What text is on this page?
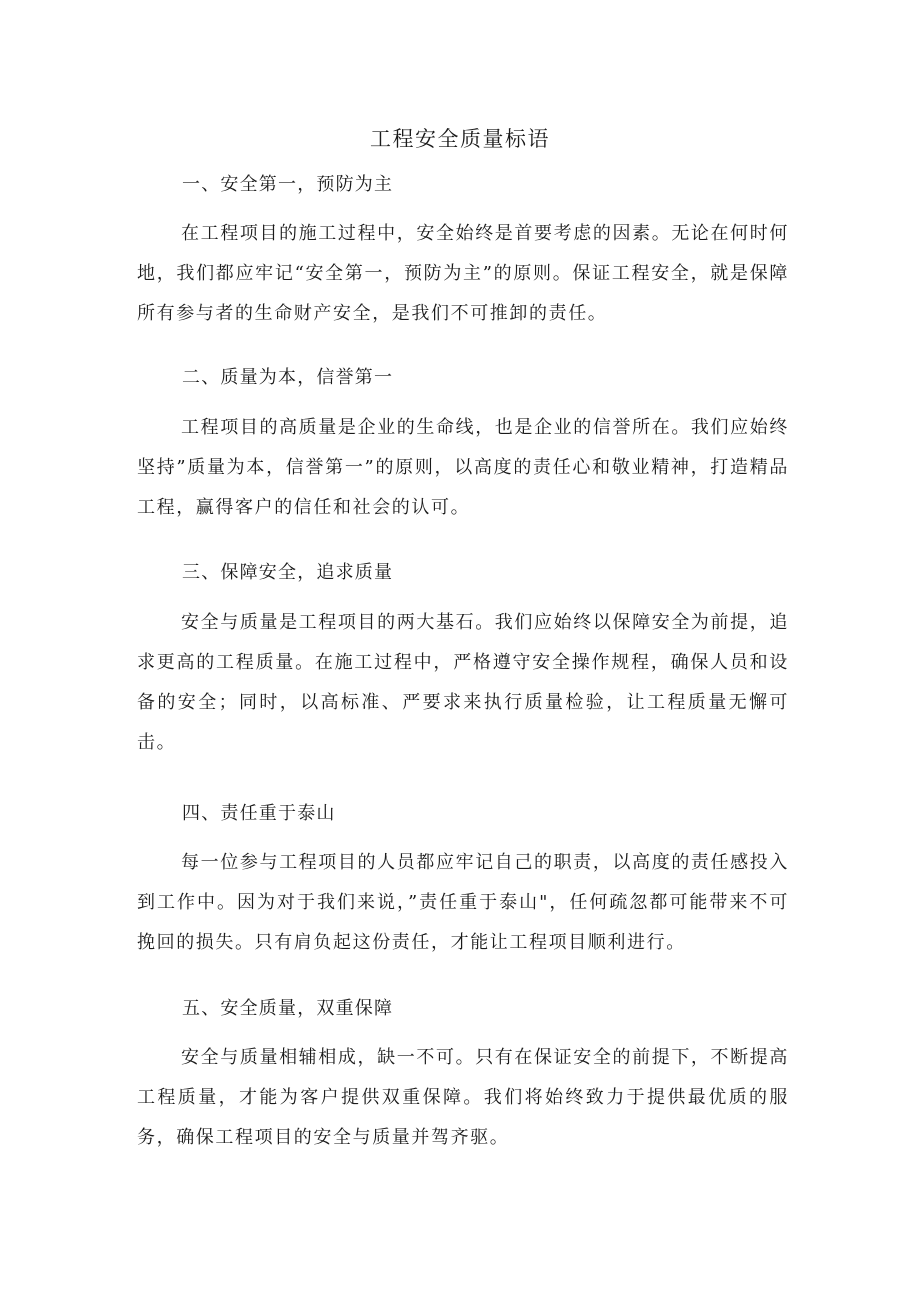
工程安全质量标语

一、安全第一，预防为主

在工程项目的施工过程中，安全始终是首要考虑的因素。无论在何时何地，我们都应牢记“安全第一，预防为主”的原则。保证工程安全，就是保障所有参与者的生命财产安全，是我们不可推卸的责任。

二、质量为本，信誉第一

工程项目的高质量是企业的生命线，也是企业的信誉所在。我们应始终坚持”质量为本，信誉第一”的原则，以高度的责任心和敬业精神，打造精品工程，赢得客户的信任和社会的认可。

三、保障安全，追求质量

安全与质量是工程项目的两大基石。我们应始终以保障安全为前提，追求更高的工程质量。在施工过程中，严格遵守安全操作规程，确保人员和设备的安全；同时，以高标准、严要求来执行质量检验，让工程质量无懈可击。

四、责任重于泰山

每一位参与工程项目的人员都应牢记自己的职责，以高度的责任感投入到工作中。因为对于我们来说，”责任重于泰山"，任何疏忽都可能带来不可挽回的损失。只有肩负起这份责任，才能让工程项目顺利进行。

五、安全质量，双重保障

安全与质量相辅相成，缺一不可。只有在保证安全的前提下，不断提高工程质量，才能为客户提供双重保障。我们将始终致力于提供最优质的服务，确保工程项目的安全与质量并驾齐驱。
